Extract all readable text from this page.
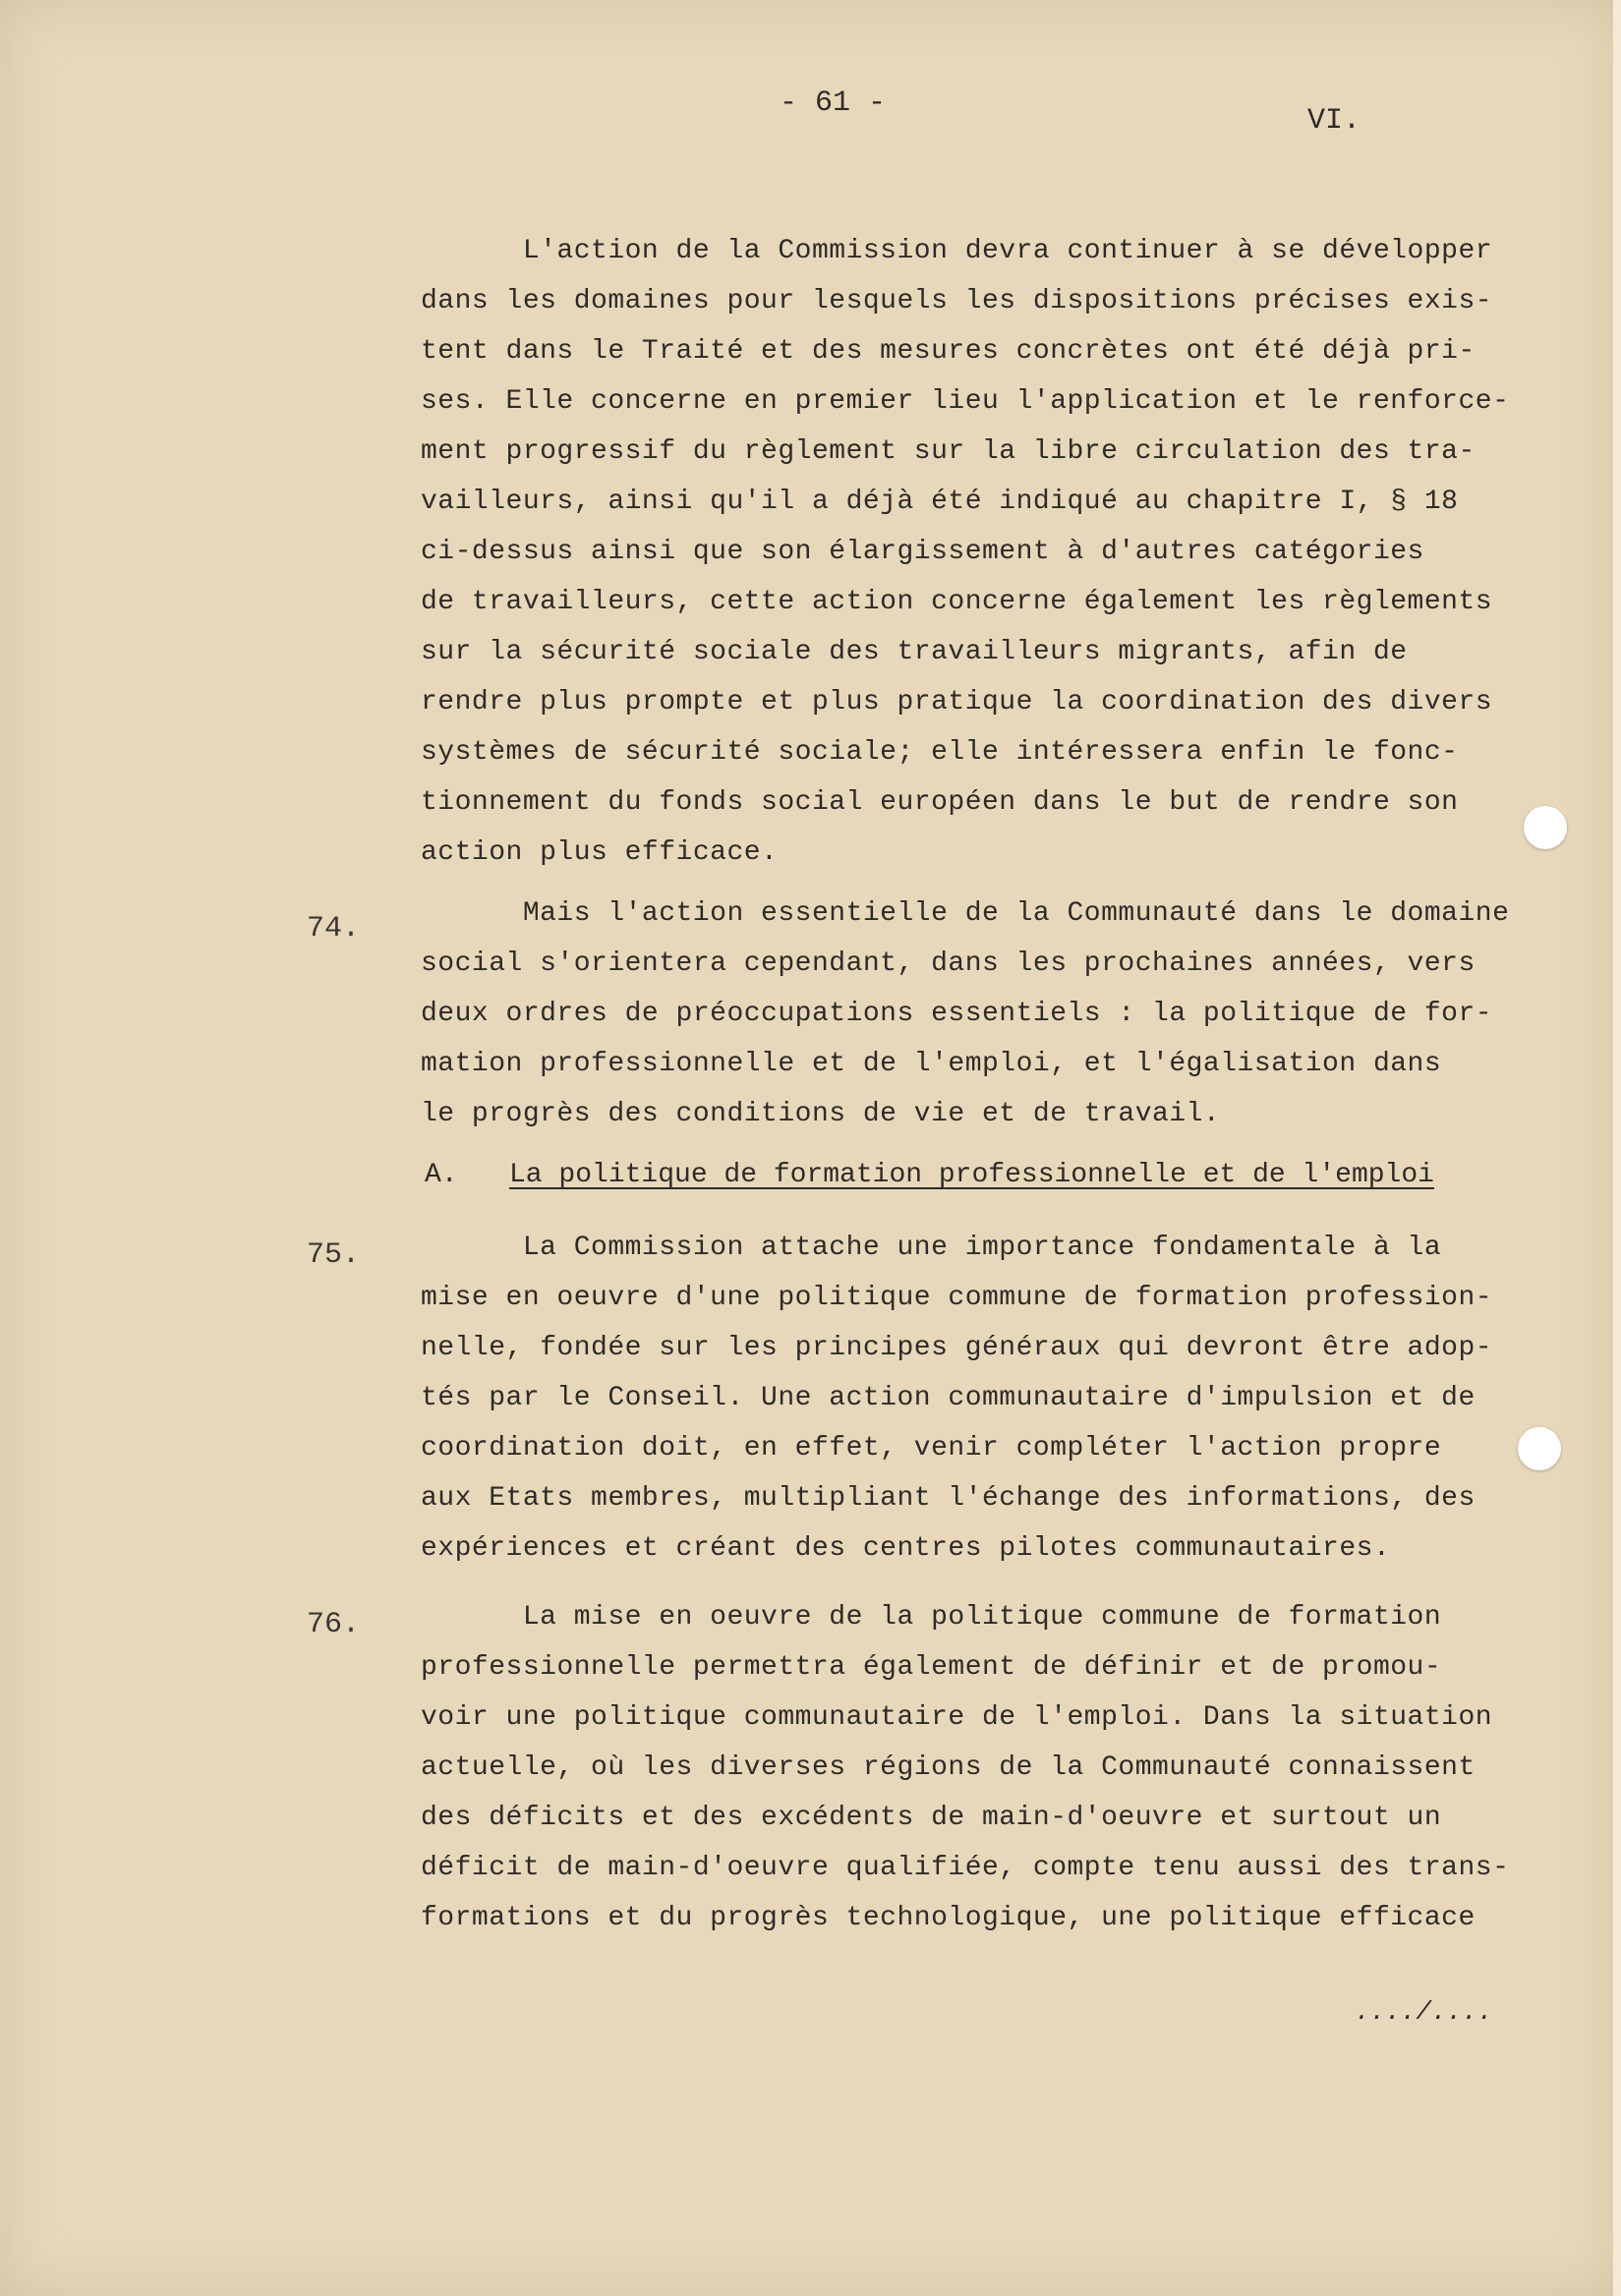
- 61 -
VI.
L'action de la Commission devra continuer à se développer
dans les domaines pour lesquels les dispositions précises exis-
tent dans le Traité et des mesures concrètes ont été déjà pri-
ses. Elle concerne en premier lieu l'application et le renforce-
ment progressif du règlement sur la libre circulation des tra-
vailleurs, ainsi qu'il a déjà été indiqué au chapitre I, § 18
ci-dessus ainsi que son élargissement à d'autres catégories
de travailleurs, cette action concerne également les règlements
sur la sécurité sociale des travailleurs migrants, afin de
rendre plus prompte et plus pratique la coordination des divers
systèmes de sécurité sociale; elle intéressera enfin le fonc-
tionnement du fonds social européen dans le but de rendre son
action plus efficace.
74. Mais l'action essentielle de la Communauté dans le domaine
social s'orientera cependant, dans les prochaines années, vers
deux ordres de préoccupations essentiels : la politique de for-
mation professionnelle et de l'emploi, et l'égalisation dans
le progrès des conditions de vie et de travail.
A. La politique de formation professionnelle et de l'emploi
75. La Commission attache une importance fondamentale à la
mise en oeuvre d'une politique commune de formation profession-
nelle, fondée sur les principes généraux qui devront être adop-
tés par le Conseil. Une action communautaire d'impulsion et de
coordination doit, en effet, venir compléter l'action propre
aux Etats membres, multipliant l'échange des informations, des
expériences et créant des centres pilotes communautaires.
76. La mise en oeuvre de la politique commune de formation
professionnelle permettra également de définir et de promou-
voir une politique communautaire de l'emploi. Dans la situation
actuelle, où les diverses régions de la Communauté connaissent
des déficits et des excédents de main-d'oeuvre et surtout un
déficit de main-d'oeuvre qualifiée, compte tenu aussi des trans-
formations et du progrès technologique, une politique efficace
..../....
